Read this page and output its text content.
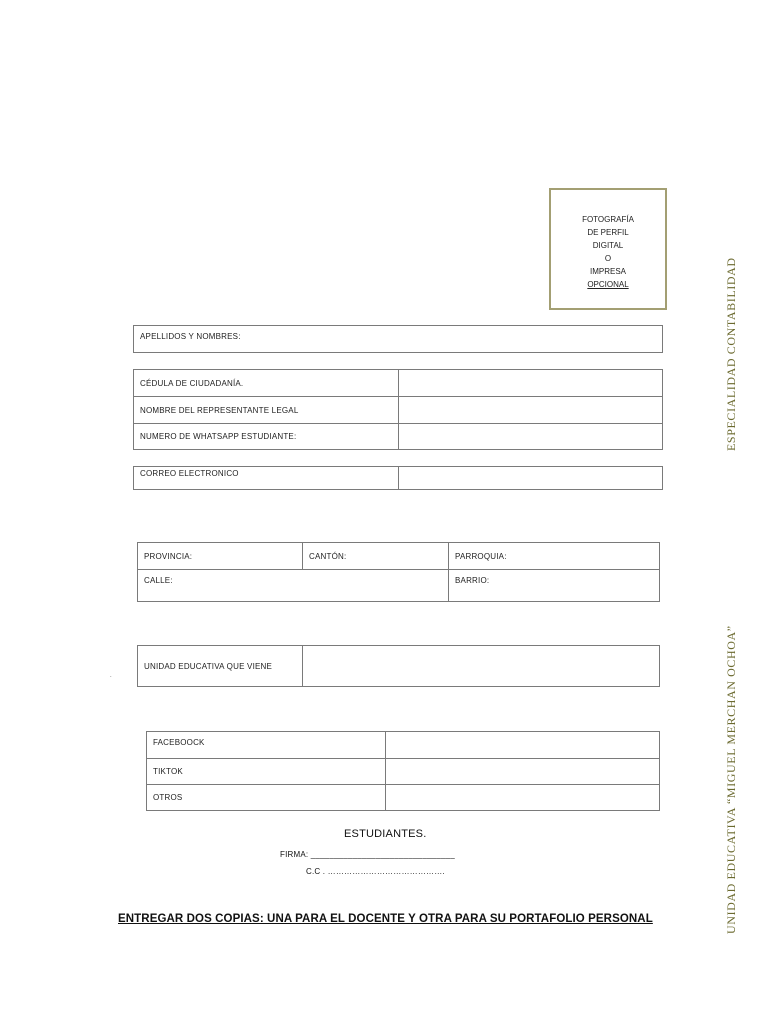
FOTOGRAFÍA
DE PERFIL
DIGITAL
O
IMPRESA
OPCIONAL	ESPECIALIDAD CONTABILIDAD
UNIDAD EDUCATIVA “MIGUEL MERCHAN OCHOA”
APELLIDOS Y NOMBRES:
CÉDULA DE CIUDADANÍA.	
NOMBRE DEL REPRESENTANTE LEGAL	
NUMERO DE WHATSAPP ESTUDIANTE:	
CORREO ELECTRONICO	
PROVINCIA:	CANTÓN:	PARROQUIA:
CALLE:		BARRIO:
.
UNIDAD EDUCATIVA QUE VIENE	
FACEBOOCK	
TIKTOK	
OTROS	
ESTUDIANTES.
FIRMA: _______________________________
C.C . …………………………………….
ENTREGAR DOS COPIAS: UNA PARA EL DOCENTE Y OTRA PARA SU PORTAFOLIO PERSONAL
